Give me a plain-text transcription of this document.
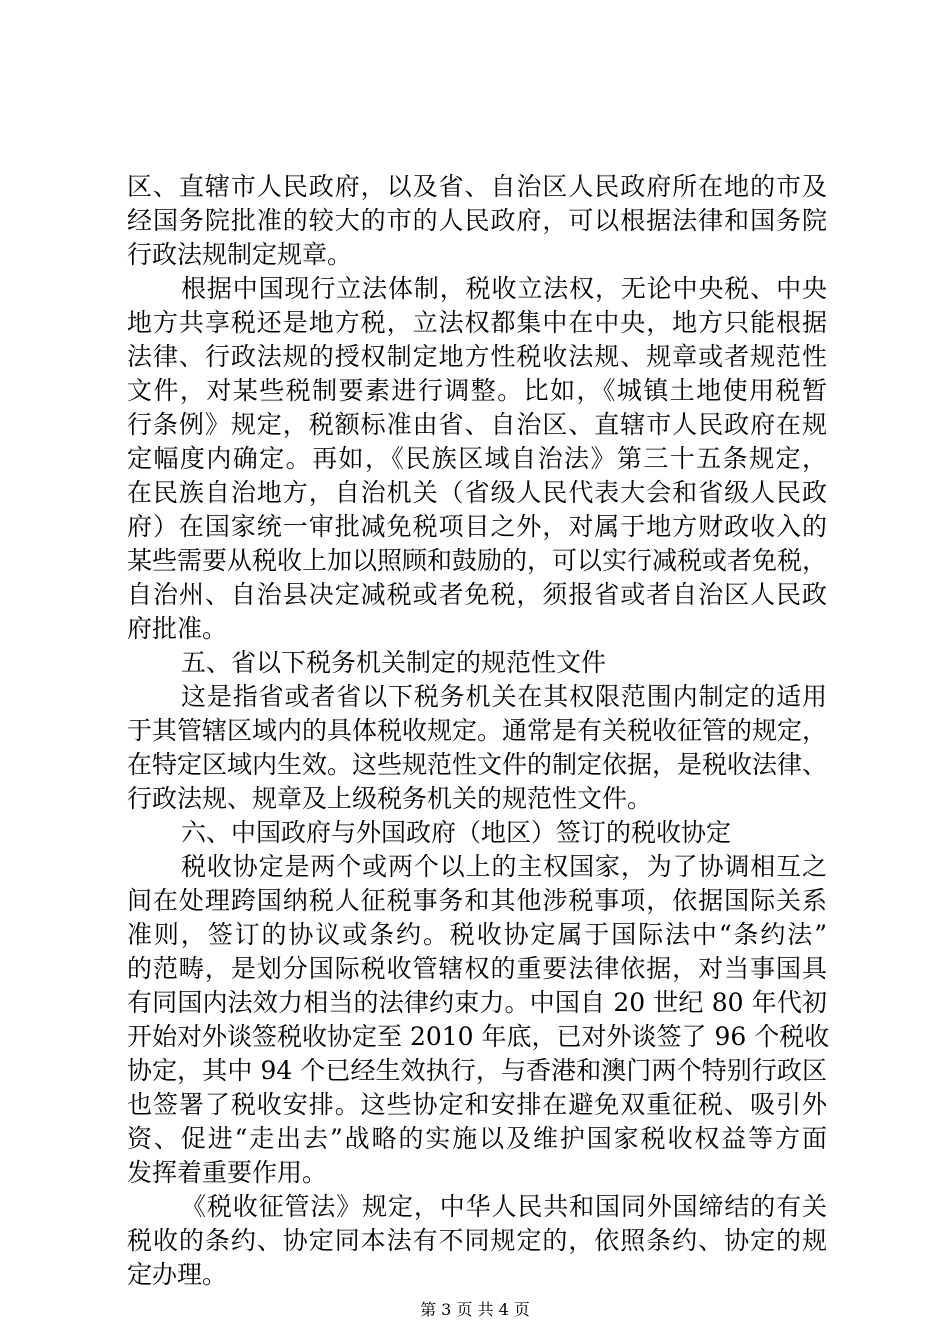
区、直辖市人民政府，以及省、自治区人民政府所在地的市及
经国务院批准的较大的市的人民政府，可以根据法律和国务院
行政法规制定规章。
根据中国现行立法体制，税收立法权，无论中央税、中央
地方共享税还是地方税，立法权都集中在中央，地方只能根据
法律、行政法规的授权制定地方性税收法规、规章或者规范性
文件，对某些税制要素进行调整。比如，《城镇土地使用税暂
行条例》规定，税额标准由省、自治区、直辖市人民政府在规
定幅度内确定。再如，《民族区域自治法》第三十五条规定，
在民族自治地方，自治机关（省级人民代表大会和省级人民政
府）在国家统一审批减免税项目之外，对属于地方财政收入的
某些需要从税收上加以照顾和鼓励的，可以实行减税或者免税，
自治州、自治县决定减税或者免税，须报省或者自治区人民政
府批准。
五、省以下税务机关制定的规范性文件
这是指省或者省以下税务机关在其权限范围内制定的适用
于其管辖区域内的具体税收规定。通常是有关税收征管的规定，
在特定区域内生效。这些规范性文件的制定依据，是税收法律、
行政法规、规章及上级税务机关的规范性文件。
六、中国政府与外国政府（地区）签订的税收协定
税收协定是两个或两个以上的主权国家，为了协调相互之
间在处理跨国纳税人征税事务和其他涉税事项，依据国际关系
准则，签订的协议或条约。税收协定属于国际法中“条约法”
的范畴，是划分国际税收管辖权的重要法律依据，对当事国具
有同国内法效力相当的法律约束力。中国自 20 世纪 80 年代初
开始对外谈签税收协定至 2010 年底，已对外谈签了 96 个税收
协定，其中 94 个已经生效执行，与香港和澳门两个特别行政区
也签署了税收安排。这些协定和安排在避免双重征税、吸引外
资、促进“走出去”战略的实施以及维护国家税收权益等方面
发挥着重要作用。
《税收征管法》规定，中华人民共和国同外国缔结的有关
税收的条约、协定同本法有不同规定的，依照条约、协定的规
定办理。
第 3 页 共 4 页
